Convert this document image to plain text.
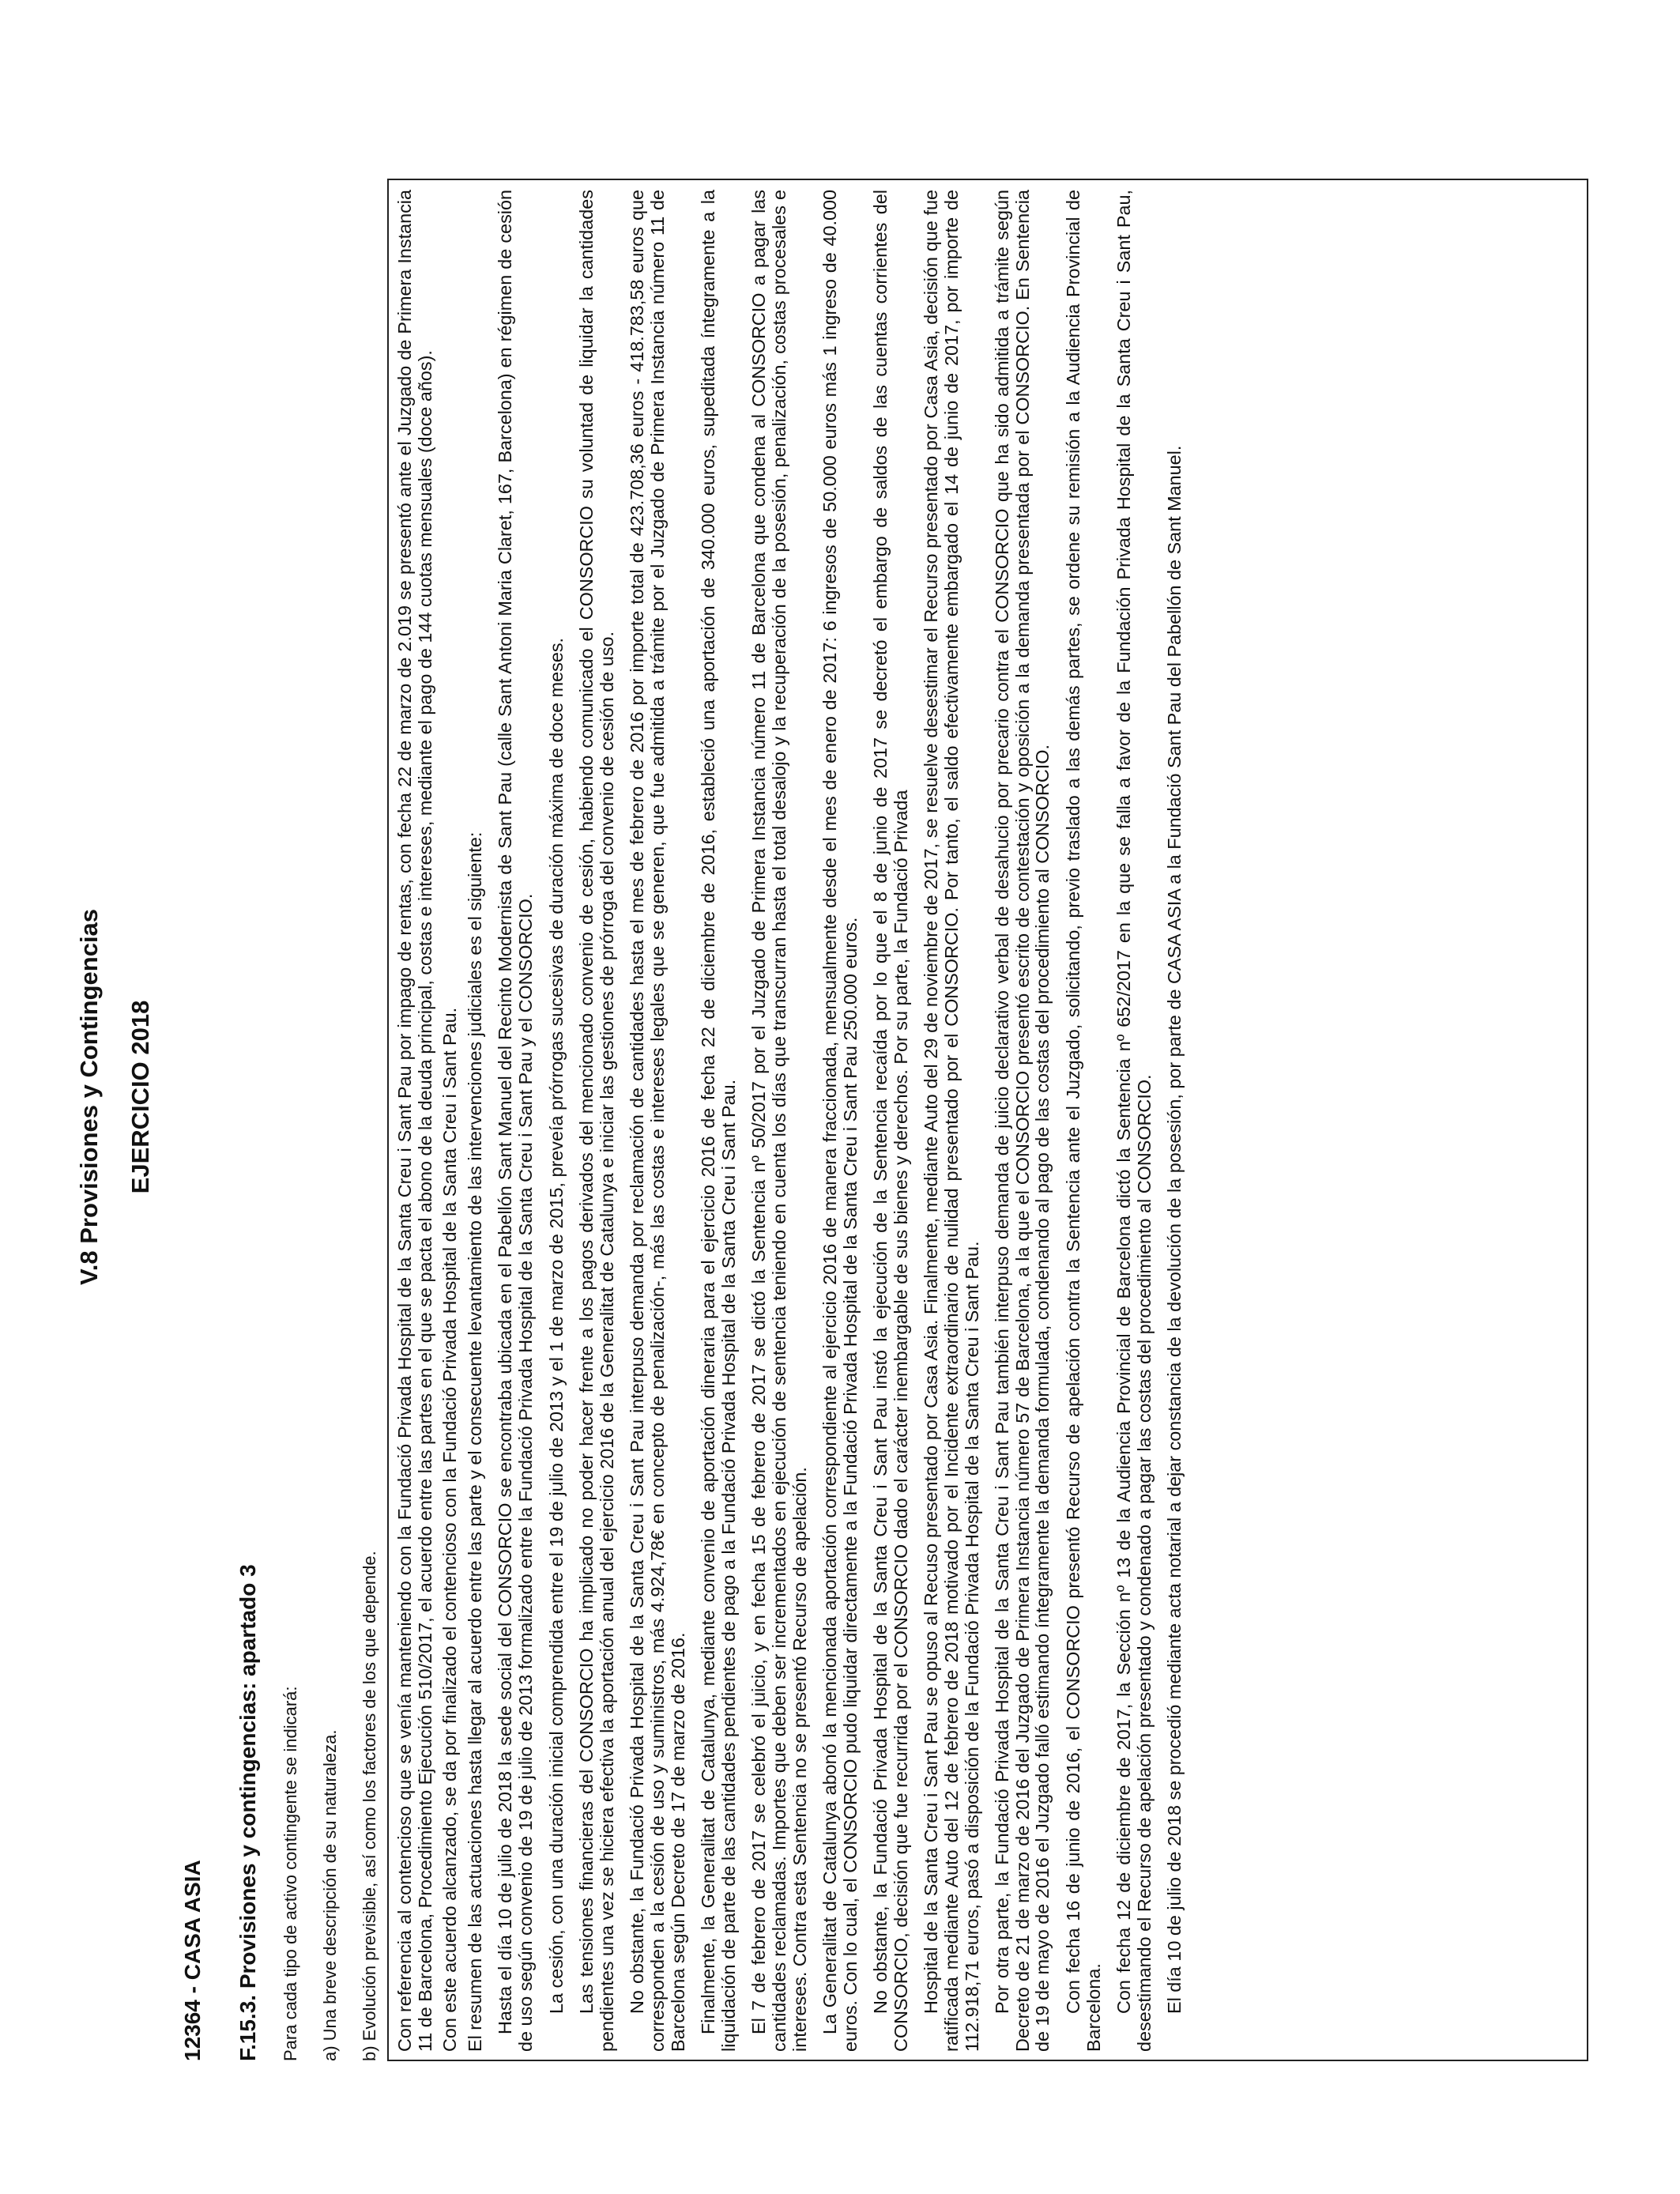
V.8 Provisiones y Contingencias EJERCICIO 2018
12364 - CASA ASIA F.15.3. Provisiones y contingencias: apartado 3 Para cada tipo de activo contingente se indicará: a) Una breve descripción de su naturaleza. b) Evolución previsible, así como los factores de los que depende. Con referencia al contencioso que se venía manteniendo con la Fundació Privada Hospital de la Santa Creu i Sant Pau por impago de rentas, con fecha 22 de marzo de 2.019 se presentó ante el Juzgado de Primera Instancia 11 de Barcelona, Procedimiento Ejecución 510/2017, el acuerdo entre las partes en el que se pacta el abono de la deuda principal, costas e intereses, mediante el pago de 144 cuotas mensuales (doce años). Con este acuerdo alcanzado, se da por finalizado el contencioso con la Fundació Privada Hospital de la Santa Creu i Sant Pau. El resumen de las actuaciones hasta llegar al acuerdo entre las parte y el consecuente levantamiento de las intervenciones judiciales es el siguiente: Hasta el día 10 de julio de 2018 la sede social del CONSORCIO se encontraba ubicada en el Pabellón Sant Manuel del Recinto Modernista de Sant Pau (calle Sant Antoni Maria Claret, 167, Barcelona) en régimen de cesión de uso según convenio de 19 de julio de 2013 formalizado entre la Fundació Privada Hospital de la Santa Creu i Sant Pau y el CONSORCIO. La cesión, con una duración inicial comprendida entre el 19 de julio de 2013 y el 1 de marzo de 2015, preveía prórrogas sucesivas de duración máxima de doce meses. Las tensiones financieras del CONSORCIO ha implicado no poder hacer frente a los pagos derivados del mencionado convenio de cesión, habiendo comunicado el CONSORCIO su voluntad de liquidar la cantidades pendientes una vez se hiciera efectiva la aportación anual del ejercicio 2016 de la Generalitat de Catalunya e iniciar las gestiones de prórroga del convenio de cesión de uso. No obstante, la Fundació Privada Hospital de la Santa Creu i Sant Pau interpuso demanda por reclamación de cantidades hasta el mes de febrero de 2016 por importe total de 423.708,36 euros - 418.783,58 euros que corresponden a la cesión de uso y suministros, más 4.924,78€ en concepto de penalización-, más las costas e intereses legales que se generen, que fue admitida a trámite por el Juzgado de Primera Instancia número 11 de Barcelona según Decreto de 17 de marzo de 2016. Finalmente, la Generalitat de Catalunya, mediante convenio de aportación dineraria para el ejercicio 2016 de fecha 22 de diciembre de 2016, estableció una aportación de 340.000 euros, supeditada íntegramente a la liquidación de parte de las cantidades pendientes de pago a la Fundació Privada Hospital de la Santa Creu i Sant Pau. El 7 de febrero de 2017 se celebró el juicio, y en fecha 15 de febrero de 2017 se dictó la Sentencia nº 50/2017 por el Juzgado de Primera Instancia número 11 de Barcelona que condena al CONSORCIO a pagar las cantidades reclamadas. Importes que deben ser incrementados en ejecución de sentencia teniendo en cuenta los días que transcurran hasta el total desalojo y la recuperación de la posesión, penalización, costas procesales e intereses. Contra esta Sentencia no se presentó Recurso de apelación. La Generalitat de Catalunya abonó la mencionada aportación correspondiente al ejercicio 2016 de manera fraccionada, mensualmente desde el mes de enero de 2017: 6 ingresos de 50.000 euros más 1 ingreso de 40.000 euros. Con lo cual, el CONSORCIO pudo liquidar directamente a la Fundació Privada Hospital de la Santa Creu i Sant Pau 250.000 euros. No obstante, la Fundació Privada Hospital de la Santa Creu i Sant Pau instó la ejecución de la Sentencia recaída por lo que el 8 de junio de 2017 se decretó el embargo de saldos de las cuentas corrientes del CONSORCIO, decisión que fue recurrida por el CONSORCIO dado el carácter inembargable de sus bienes y derechos. Por su parte, la Fundació Privada Hospital de la Santa Creu i Sant Pau se opuso al Recuso presentado por Casa Asia. Finalmente, mediante Auto del 29 de noviembre de 2017, se resuelve desestimar el Recurso presentado por Casa Asia, decisión que fue ratificada mediante Auto del 12 de febrero de 2018 motivado por el Incidente extraordinario de nulidad presentado por el CONSORCIO. Por tanto, el saldo efectivamente embargado el 14 de junio de 2017, por importe de 112.918,71 euros, pasó a disposición de la Fundació Privada Hospital de la Santa Creu i Sant Pau. Por otra parte, la Fundació Privada Hospital de la Santa Creu i Sant Pau también interpuso demanda de juicio declarativo verbal de desahucio por precario contra el CONSORCIO que ha sido admitida a trámite según Decreto de 21 de marzo de 2016 del Juzgado de Primera Instancia número 57 de Barcelona, a la que el CONSORCIO presentó escrito de contestación y oposición a la demanda presentada por el CONSORCIO. En Sentencia de 19 de mayo de 2016 el Juzgado falló estimando íntegramente la demanda formulada, condenando al pago de las costas del procedimiento al CONSORCIO. Con fecha 16 de junio de 2016, el CONSORCIO presentó Recurso de apelación contra la Sentencia ante el Juzgado, solicitando, previo traslado a las demás partes, se ordene su remisión a la Audiencia Provincial de Barcelona. Con fecha 12 de diciembre de 2017, la Sección nº 13 de la Audiencia Provincial de Barcelona dictó la Sentencia nº 652/2017 en la que se falla a favor de la Fundación Privada Hospital de la Santa Creu i Sant Pau, desestimando el Recurso de apelación presentado y condenado a pagar las costas del procedimiento al CONSORCIO. El día 10 de julio de 2018 se procedió mediante acta notarial a dejar constancia de la devolución de la posesión, por parte de CASA ASIA a la Fundació Sant Pau del Pabellón de Sant Manuel.
